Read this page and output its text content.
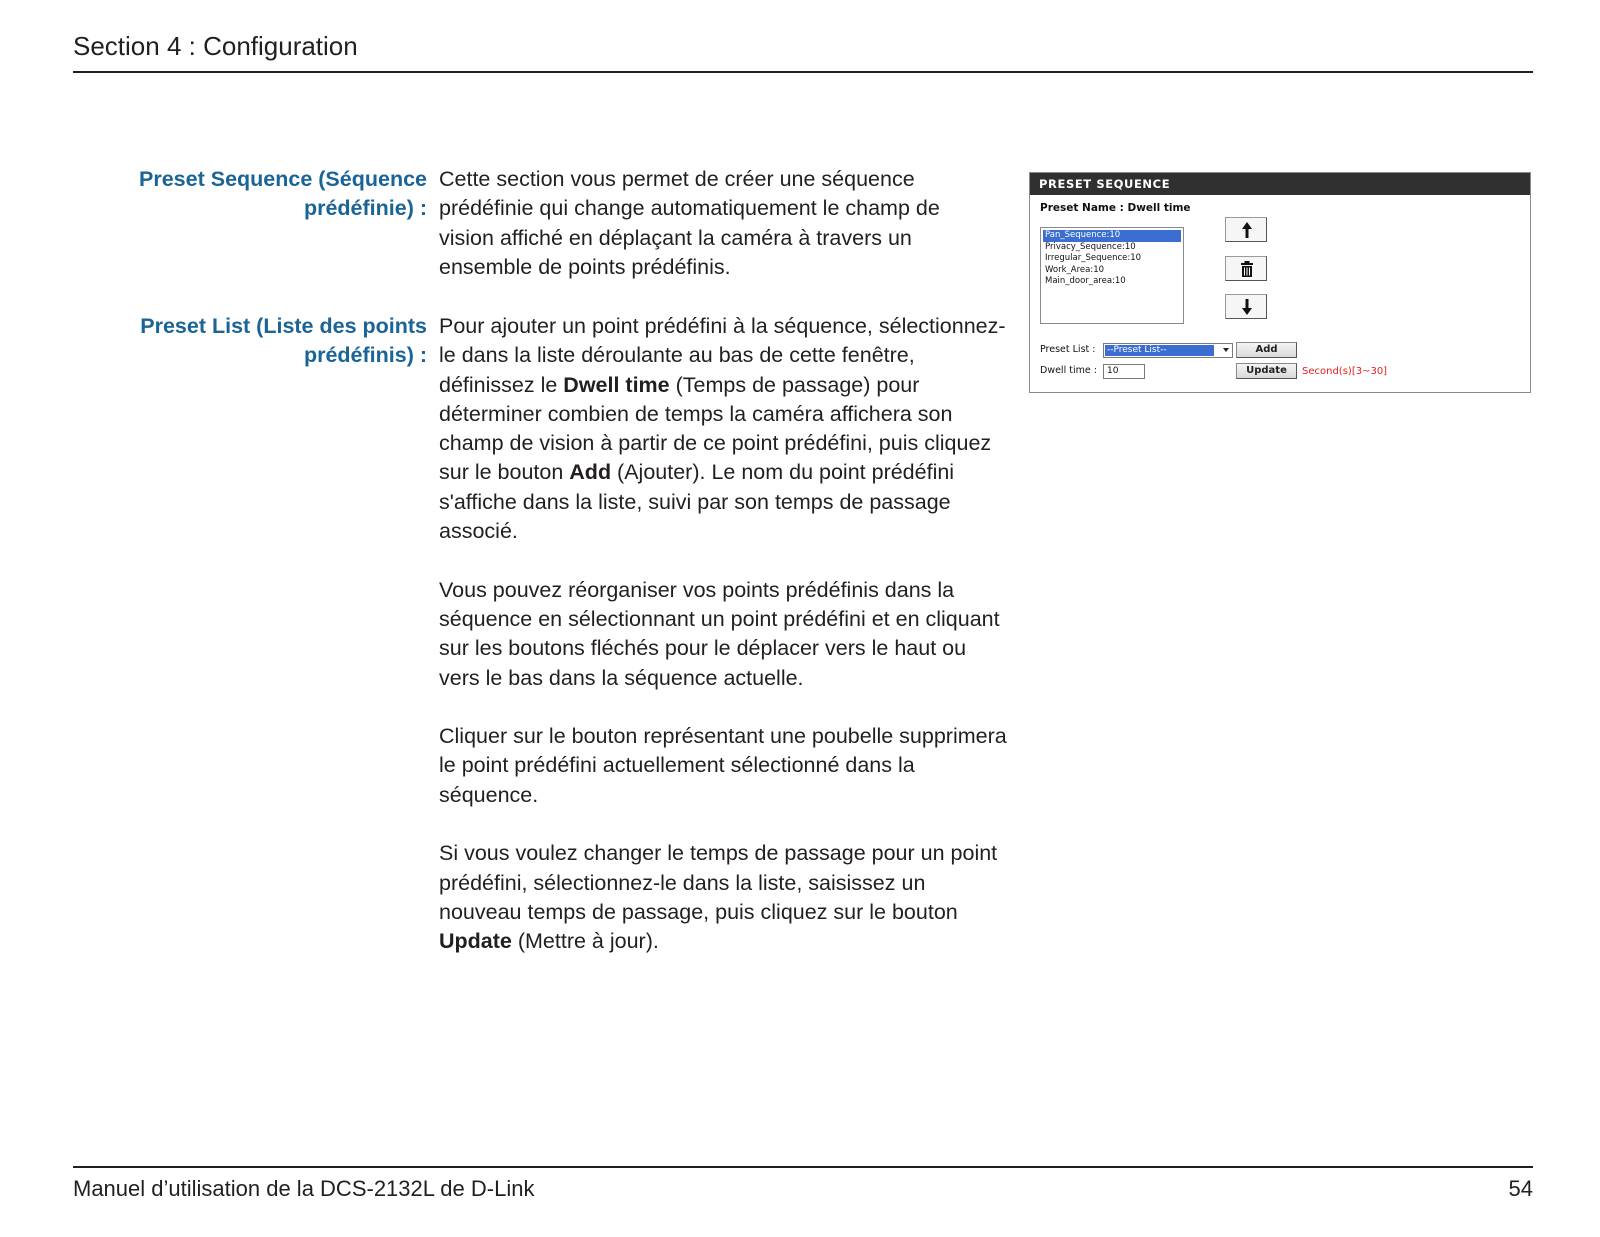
Section 4 : Configuration
Preset Sequence (Séquence
prédéfinie) :

Cette section vous permet de créer une séquence prédéfinie qui change automatiquement le champ de vision affiché en déplaçant la caméra à travers un ensemble de points prédéfinis.

Preset List (Liste des points
prédéfinis) :

Pour ajouter un point prédéfini à la séquence, sélectionnez-le dans la liste déroulante au bas de cette fenêtre, définissez le Dwell time (Temps de passage) pour déterminer combien de temps la caméra affichera son champ de vision à partir de ce point prédéfini, puis cliquez sur le bouton Add (Ajouter). Le nom du point prédéfini s'affiche dans la liste, suivi par son temps de passage associé.

Vous pouvez réorganiser vos points prédéfinis dans la séquence en sélectionnant un point prédéfini et en cliquant sur les boutons fléchés pour le déplacer vers le haut ou vers le bas dans la séquence actuelle.

Cliquer sur le bouton représentant une poubelle supprimera le point prédéfini actuellement sélectionné dans la séquence.

Si vous voulez changer le temps de passage pour un point prédéfini, sélectionnez-le dans la liste, saisissez un nouveau temps de passage, puis cliquez sur le bouton Update (Mettre à jour).

PRESET SEQUENCE
Preset Name : Dwell time
Pan_Sequence:10
Privacy_Sequence:10
Irregular_Sequence:10
Work_Area:10
Main_door_area:10
Preset List : --Preset List--	Add
Dwell time :	10	Update	Second(s)[3~30]
Manuel d’utilisation de la DCS-2132L de D-Link	54
